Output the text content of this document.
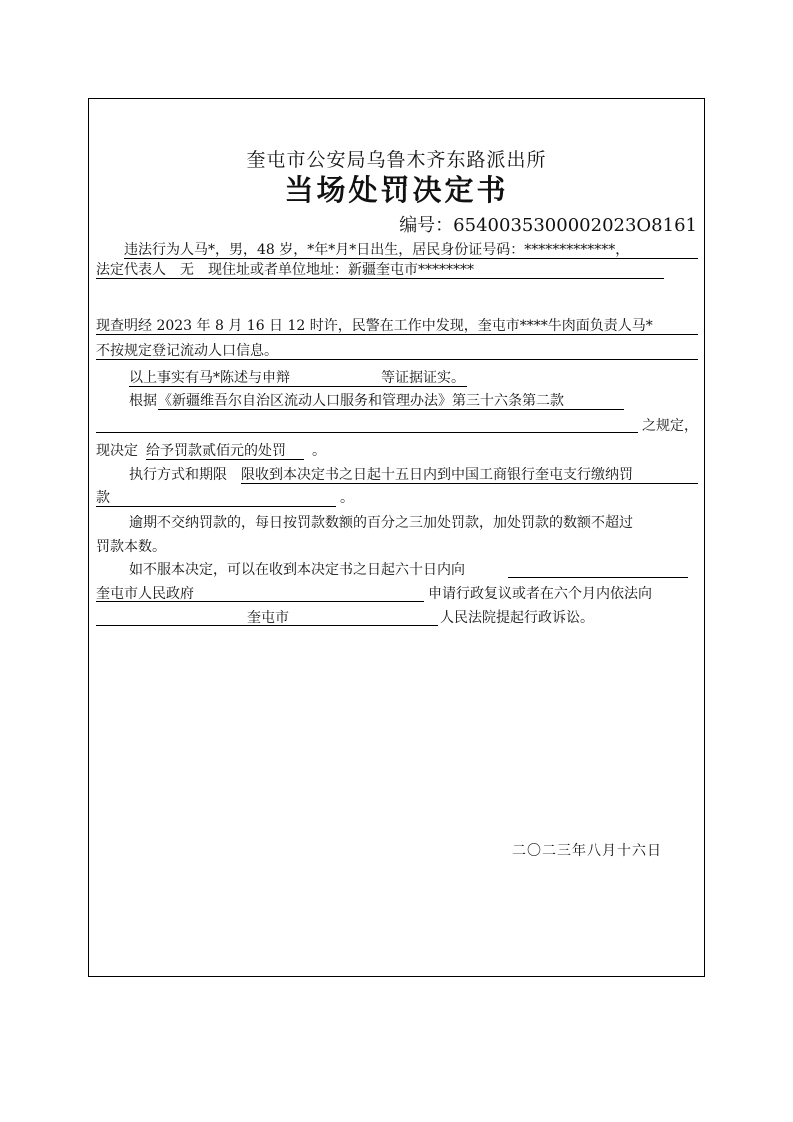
奎屯市公安局乌鲁木齐东路派出所
当场处罚决定书
编号：6540035300002023O8161
违法行为人马*，男，48 岁，*年*月*日出生，居民身份证号码：*************，
法定代表人　无　现住址或者单位地址：新疆奎屯市********
现查明经 2023 年 8 月 16 日 12 时许，民警在工作中发现，奎屯市****牛肉面负责人马*
不按规定登记流动人口信息。
以上事实有马*陈述与申辩	等证据证实。
根据 《新疆维吾尔自治区流动人口服务和管理办法》第三十六条第二款
之规定，
现决定 给予罚款贰佰元的处罚 。
执行方式和期限 限收到本决定书之日起十五日内到中国工商银行奎屯支行缴纳罚
款	。
逾期不交纳罚款的，每日按罚款数额的百分之三加处罚款，加处罚款的数额不超过
罚款本数。
如不服本决定，可以在收到本决定书之日起六十日内向
奎屯市人民政府	申请行政复议或者在六个月内依法向
奎屯市	人民法院提起行政诉讼。
二〇二三年八月十六日
